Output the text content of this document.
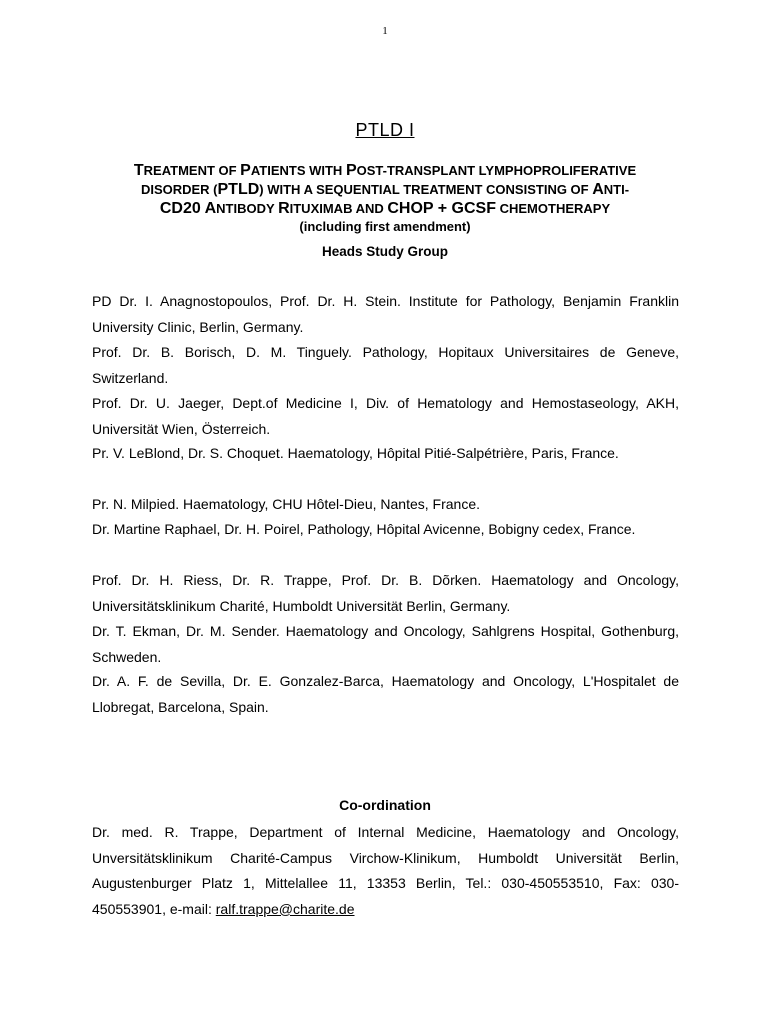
1
PTLD I
TREATMENT OF PATIENTS WITH POST-TRANSPLANT LYMPHOPROLIFERATIVE
DISORDER (PTLD) WITH A SEQUENTIAL TREATMENT CONSISTING OF ANTI-
CD20 ANTIBODY RITUXIMAB AND CHOP + GCSF CHEMOTHERAPY
(including first amendment)
Heads Study Group
PD Dr. I. Anagnostopoulos, Prof. Dr. H. Stein. Institute for Pathology, Benjamin Franklin University Clinic, Berlin, Germany.
Prof. Dr. B. Borisch, D. M. Tinguely. Pathology, Hopitaux Universitaires de Geneve, Switzerland.
Prof. Dr. U. Jaeger, Dept.of Medicine I, Div. of Hematology and Hemostaseology, AKH, Universität Wien, Österreich.
Pr. V. LeBlond, Dr. S. Choquet. Haematology, Hôpital Pitié-Salpétrière, Paris, France.
Pr. N. Milpied. Haematology, CHU Hôtel-Dieu, Nantes, France.
Dr. Martine Raphael, Dr. H. Poirel, Pathology, Hôpital Avicenne, Bobigny cedex, France.
Prof. Dr. H. Riess, Dr. R. Trappe, Prof. Dr. B. Dõrken. Haematology and Oncology, Universitätsklinikum Charité, Humboldt Universität Berlin, Germany.
Dr. T. Ekman, Dr. M. Sender. Haematology and Oncology, Sahlgrens Hospital, Gothenburg, Schweden.
Dr. A. F. de Sevilla, Dr. E. Gonzalez-Barca, Haematology and Oncology, L'Hospitalet de Llobregat, Barcelona, Spain.
Co-ordination
Dr. med. R. Trappe, Department of Internal Medicine, Haematology and Oncology,
Unversitätsklinikum Charité-Campus Virchow-Klinikum, Humboldt Universität Berlin,
Augustenburger Platz 1, Mittelallee 11, 13353 Berlin, Tel.: 030-450553510, Fax: 030-
450553901, e-mail: ralf.trappe@charite.de
